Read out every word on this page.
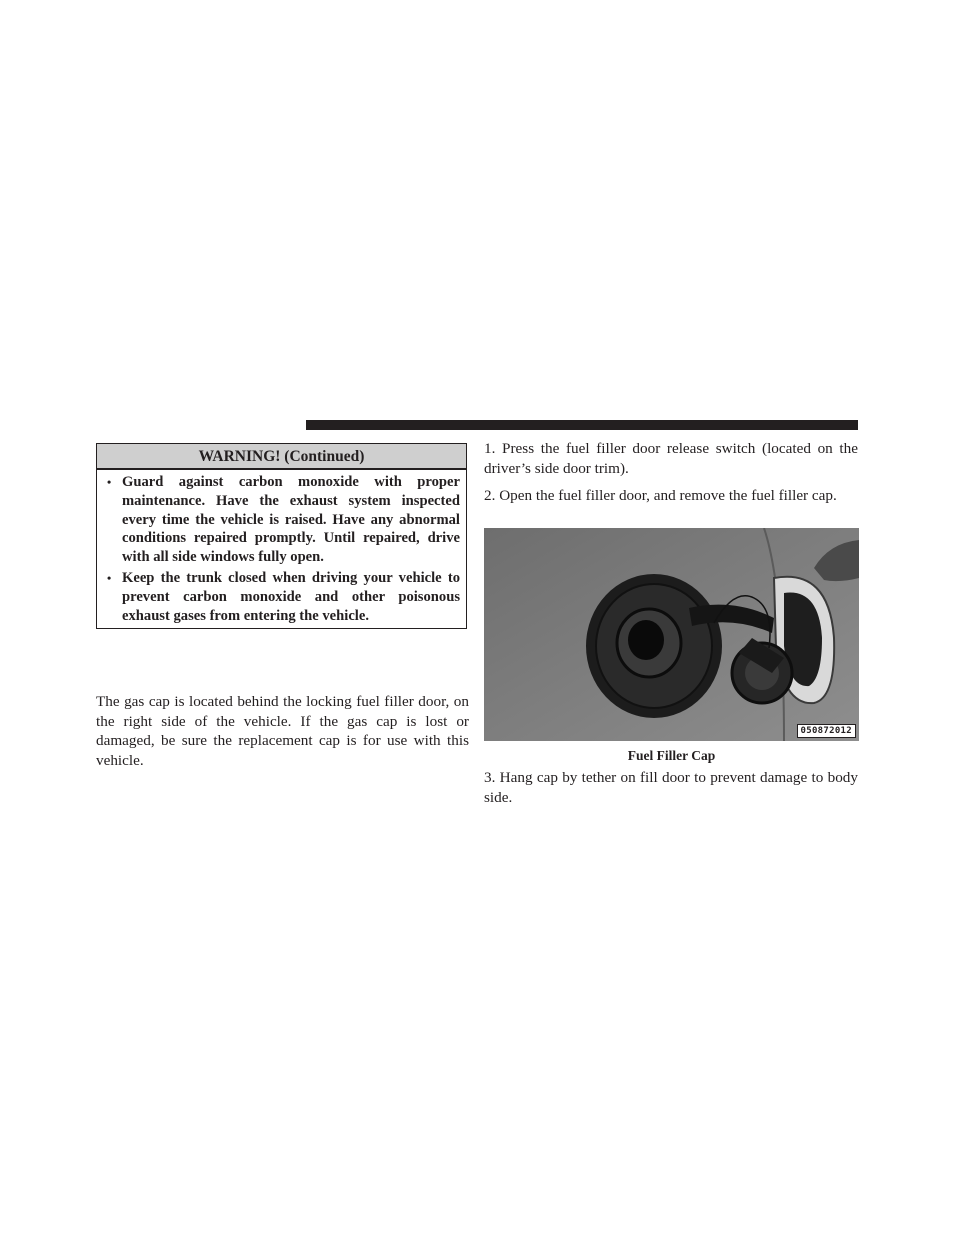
WARNING! (Continued)
• Guard against carbon monoxide with proper maintenance. Have the exhaust system inspected every time the vehicle is raised. Have any abnormal conditions repaired promptly. Until repaired, drive with all side windows fully open.
• Keep the trunk closed when driving your vehicle to prevent carbon monoxide and other poisonous exhaust gases from entering the vehicle.
The gas cap is located behind the locking fuel filler door, on the right side of the vehicle. If the gas cap is lost or damaged, be sure the replacement cap is for use with this vehicle.
1. Press the fuel filler door release switch (located on the driver’s side door trim).
2. Open the fuel filler door, and remove the fuel filler cap.
050872012
Fuel Filler Cap
3. Hang cap by tether on fill door to prevent damage to body side.
